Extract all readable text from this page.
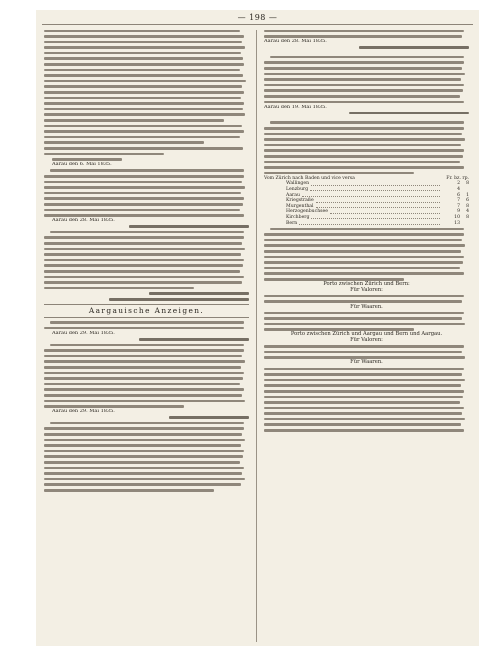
— 198 —
Aarau den 6. Mai 1835.
Aarau den 28. Mai 1835.
Aargauische Anzeigen.
Aarau den 29. Mai 1835.
Aarau den 29. Mai 1835.
Aarau den 28. Mai 1835.
Aarau den 19. Mai 1835.
Vom Zürich nach Baden und vice versa	Fr. bz. rp.
Wallingen	2 8
Lenzburg	4
Aarau	6 1
Kriegstraße	7 6
Murgenthal	7 8
Herzogenbuchsee	9 4
Kirchberg	10 8
Bern	13
Porto zwischen Zürich und Bern:
Für Valoren:
Für Waaren.
Porto zwischen Zürich und Aargau und Bern und Aargau.
Für Valoren:
Für Waaren.
